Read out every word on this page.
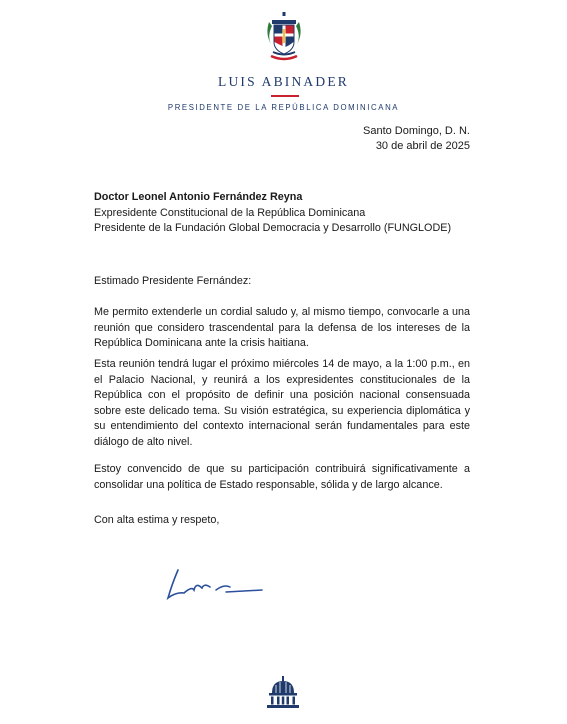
LUIS ABINADER
PRESIDENTE DE LA REPÚBLICA DOMINICANA
Santo Domingo, D. N.
30 de abril de 2025
Doctor Leonel Antonio Fernández Reyna
Expresidente Constitucional de la República Dominicana
Presidente de la Fundación Global Democracia y Desarrollo (FUNGLODE)
Estimado Presidente Fernández:
Me permito extenderle un cordial saludo y, al mismo tiempo, convocarle a una reunión que considero trascendental para la defensa de los intereses de la República Dominicana ante la crisis haitiana.
Esta reunión tendrá lugar el próximo miércoles 14 de mayo, a la 1:00 p.m., en el Palacio Nacional, y reunirá a los expresidentes constitucionales de la República con el propósito de definir una posición nacional consensuada sobre este delicado tema. Su visión estratégica, su experiencia diplomática y su entendimiento del contexto internacional serán fundamentales para este diálogo de alto nivel.
Estoy convencido de que su participación contribuirá significativamente a consolidar una política de Estado responsable, sólida y de largo alcance.
Con alta estima y respeto,
